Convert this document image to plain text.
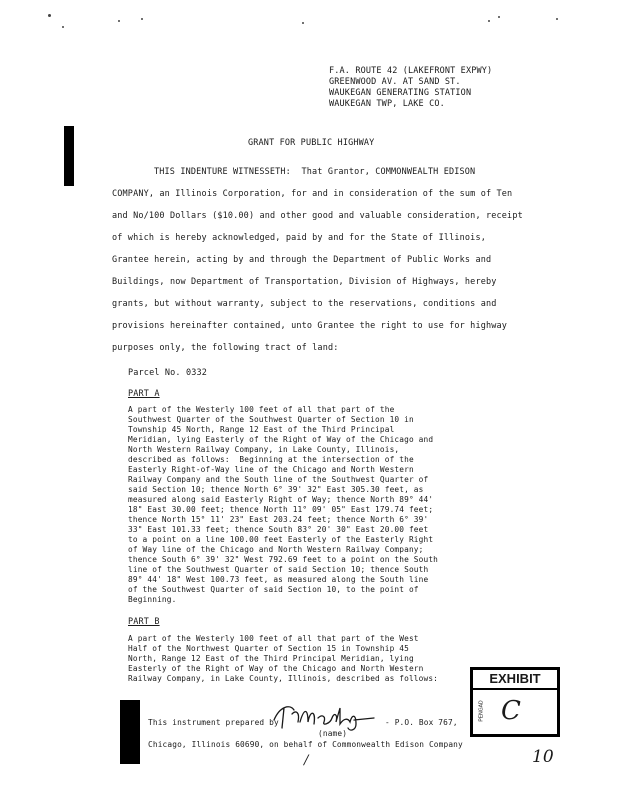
F.A. ROUTE 42 (LAKEFRONT EXPWY)
GREENWOOD AV. AT SAND ST.
WAUKEGAN GENERATING STATION
WAUKEGAN TWP, LAKE CO.
GRANT FOR PUBLIC HIGHWAY
THIS INDENTURE WITNESSETH:  That Grantor, COMMONWEALTH EDISON
COMPANY, an Illinois Corporation, for and in consideration of the sum of Ten
and No/100 Dollars ($10.00) and other good and valuable consideration, receipt
of which is hereby acknowledged, paid by and for the State of Illinois,
Grantee herein, acting by and through the Department of Public Works and
Buildings, now Department of Transportation, Division of Highways, hereby
grants, but without warranty, subject to the reservations, conditions and
provisions hereinafter contained, unto Grantee the right to use for highway
purposes only, the following tract of land:
Parcel No. 0332
PART A
A part of the Westerly 100 feet of all that part of the
Southwest Quarter of the Southwest Quarter of Section 10 in
Township 45 North, Range 12 East of the Third Principal
Meridian, lying Easterly of the Right of Way of the Chicago and
North Western Railway Company, in Lake County, Illinois,
described as follows:  Beginning at the intersection of the
Easterly Right-of-Way line of the Chicago and North Western
Railway Company and the South line of the Southwest Quarter of
said Section 10; thence North 6° 39' 32" East 305.30 feet, as
measured along said Easterly Right of Way; thence North 89° 44'
18" East 30.00 feet; thence North 11° 09' 05" East 179.74 feet;
thence North 15° 11' 23" East 203.24 feet; thence North 6° 39'
33" East 101.33 feet; thence South 83° 20' 30" East 20.00 feet
to a point on a line 100.00 feet Easterly of the Easterly Right
of Way line of the Chicago and North Western Railway Company;
thence South 6° 39' 32" West 792.69 feet to a point on the South
line of the Southwest Quarter of said Section 10; thence South
89° 44' 18" West 100.73 feet, as measured along the South line
of the Southwest Quarter of said Section 10, to the point of
Beginning.
PART B
A part of the Westerly 100 feet of all that part of the West
Half of the Northwest Quarter of Section 15 in Township 45
North, Range 12 East of the Third Principal Meridian, lying
Easterly of the Right of Way of the Chicago and North Western
Railway Company, in Lake County, Illinois, described as follows:
This instrument prepared by	- P.O. Box 767,
(name)
Chicago, Illinois 60690, on behalf of Commonwealth Edison Company
EXHIBIT
PENGAD C
/	10
